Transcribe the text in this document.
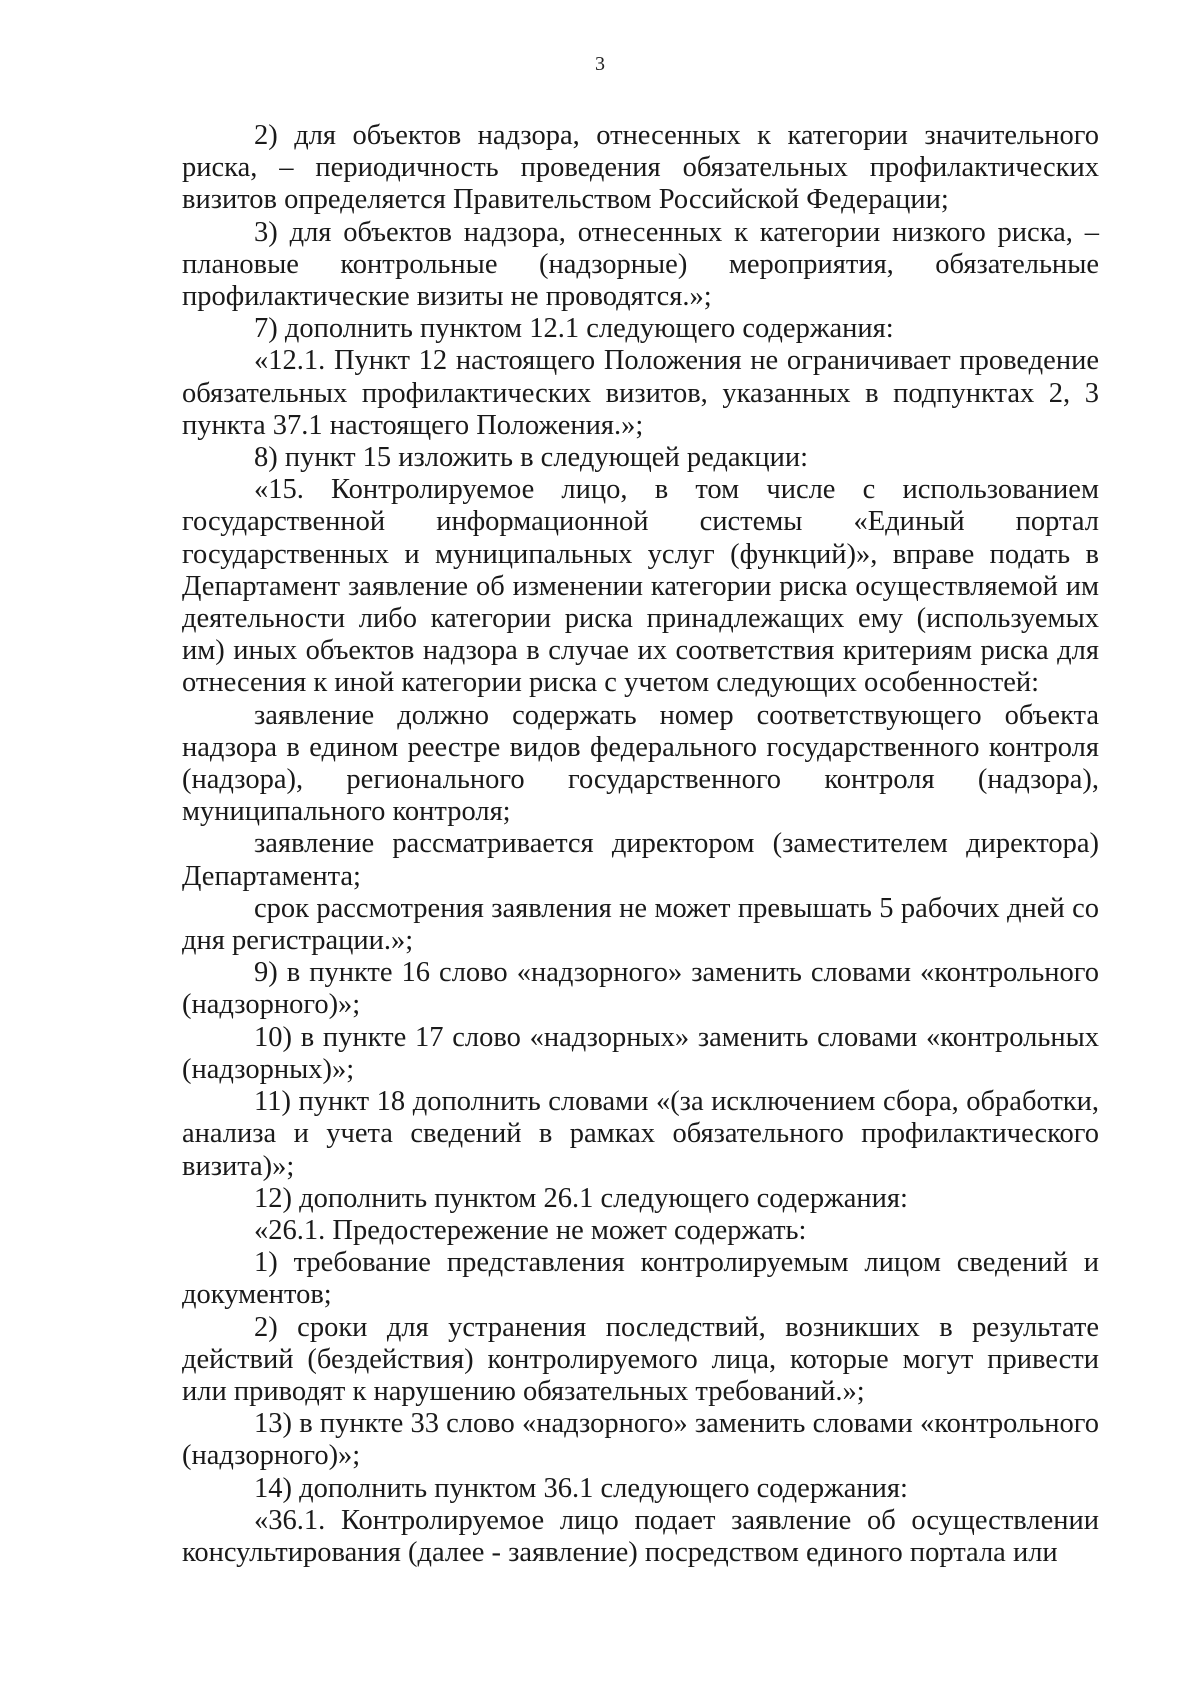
3

2) для объектов надзора, отнесенных к категории значительного риска, – периодичность проведения обязательных профилактических визитов определяется Правительством Российской Федерации;

3) для объектов надзора, отнесенных к категории низкого риска, – плановые контрольные (надзорные) мероприятия, обязательные профилактические визиты не проводятся.»;

7) дополнить пунктом 12.1 следующего содержания:

«12.1. Пункт 12 настоящего Положения не ограничивает проведение обязательных профилактических визитов, указанных в подпунктах 2, 3 пункта 37.1 настоящего Положения.»;

8) пункт 15 изложить в следующей редакции:

«15. Контролируемое лицо, в том числе с использованием государственной информационной системы «Единый портал государственных и муниципальных услуг (функций)», вправе подать в Департамент заявление об изменении категории риска осуществляемой им деятельности либо категории риска принадлежащих ему (используемых им) иных объектов надзора в случае их соответствия критериям риска для отнесения к иной категории риска с учетом следующих особенностей:

заявление должно содержать номер соответствующего объекта надзора в едином реестре видов федерального государственного контроля (надзора), регионального государственного контроля (надзора), муниципального контроля;

заявление рассматривается директором (заместителем директора) Департамента;

срок рассмотрения заявления не может превышать 5 рабочих дней со дня регистрации.»;

9) в пункте 16 слово «надзорного» заменить словами «контрольного (надзорного)»;

10) в пункте 17 слово «надзорных» заменить словами «контрольных (надзорных)»;

11) пункт 18 дополнить словами «(за исключением сбора, обработки, анализа и учета сведений в рамках обязательного профилактического визита)»;

12) дополнить пунктом 26.1 следующего содержания:

«26.1. Предостережение не может содержать:

1) требование представления контролируемым лицом сведений и документов;

2) сроки для устранения последствий, возникших в результате действий (бездействия) контролируемого лица, которые могут привести или приводят к нарушению обязательных требований.»;

13) в пункте 33 слово «надзорного» заменить словами «контрольного (надзорного)»;

14) дополнить пунктом 36.1 следующего содержания:

«36.1. Контролируемое лицо подает заявление об осуществлении консультирования (далее - заявление) посредством единого портала или
